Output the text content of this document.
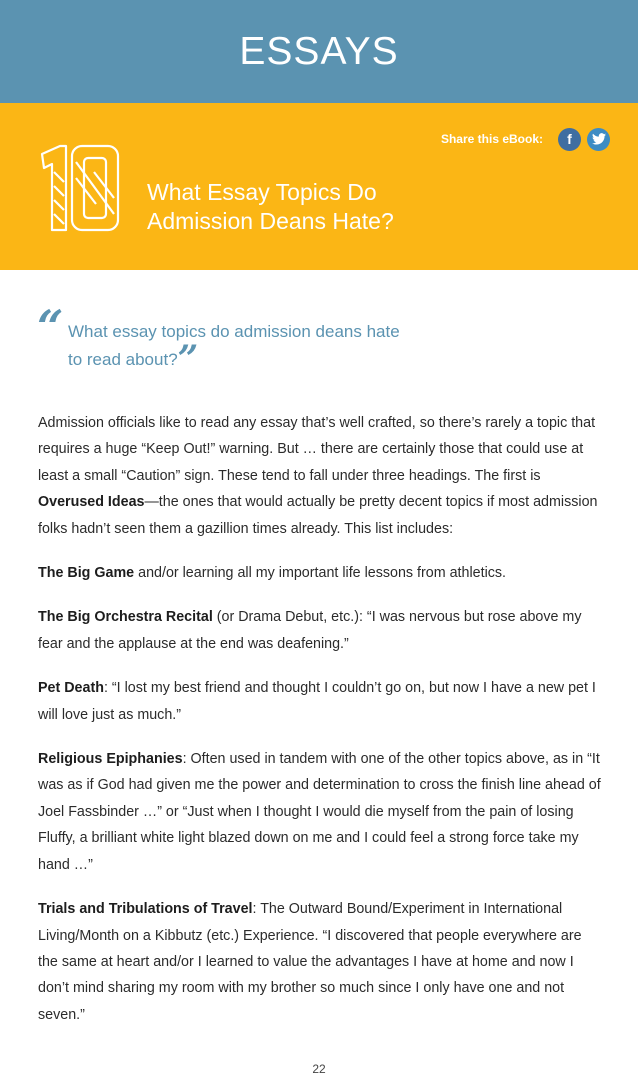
ESSAYS
10
What Essay Topics Do
Admission Deans Hate?
Share this eBook: f
“ What essay topics do admission deans hate
to read about?”

Admission officials like to read any essay that’s well crafted, so there’s rarely a topic that requires a huge “Keep Out!” warning. But … there are certainly those that could use at least a small “Caution” sign. These tend to fall under three headings. The first is Overused Ideas—the ones that would actually be pretty decent topics if most admission folks hadn’t seen them a gazillion times already. This list includes:

The Big Game and/or learning all my important life lessons from athletics.

The Big Orchestra Recital (or Drama Debut, etc.): “I was nervous but rose above my fear and the applause at the end was deafening.”

Pet Death: “I lost my best friend and thought I couldn’t go on, but now I have a new pet I will love just as much.”

Religious Epiphanies: Often used in tandem with one of the other topics above, as in “It was as if God had given me the power and determination to cross the finish line ahead of Joel Fassbinder …” or “Just when I thought I would die myself from the pain of losing Fluffy, a brilliant white light blazed down on me and I could feel a strong force take my hand …”

Trials and Tribulations of Travel: The Outward Bound/Experiment in International Living/Month on a Kibbutz (etc.) Experience. “I discovered that people everywhere are the same at heart and/or I learned to value the advantages I have at home and now I don’t mind sharing my room with my brother so much since I only have one and not seven.”

22
